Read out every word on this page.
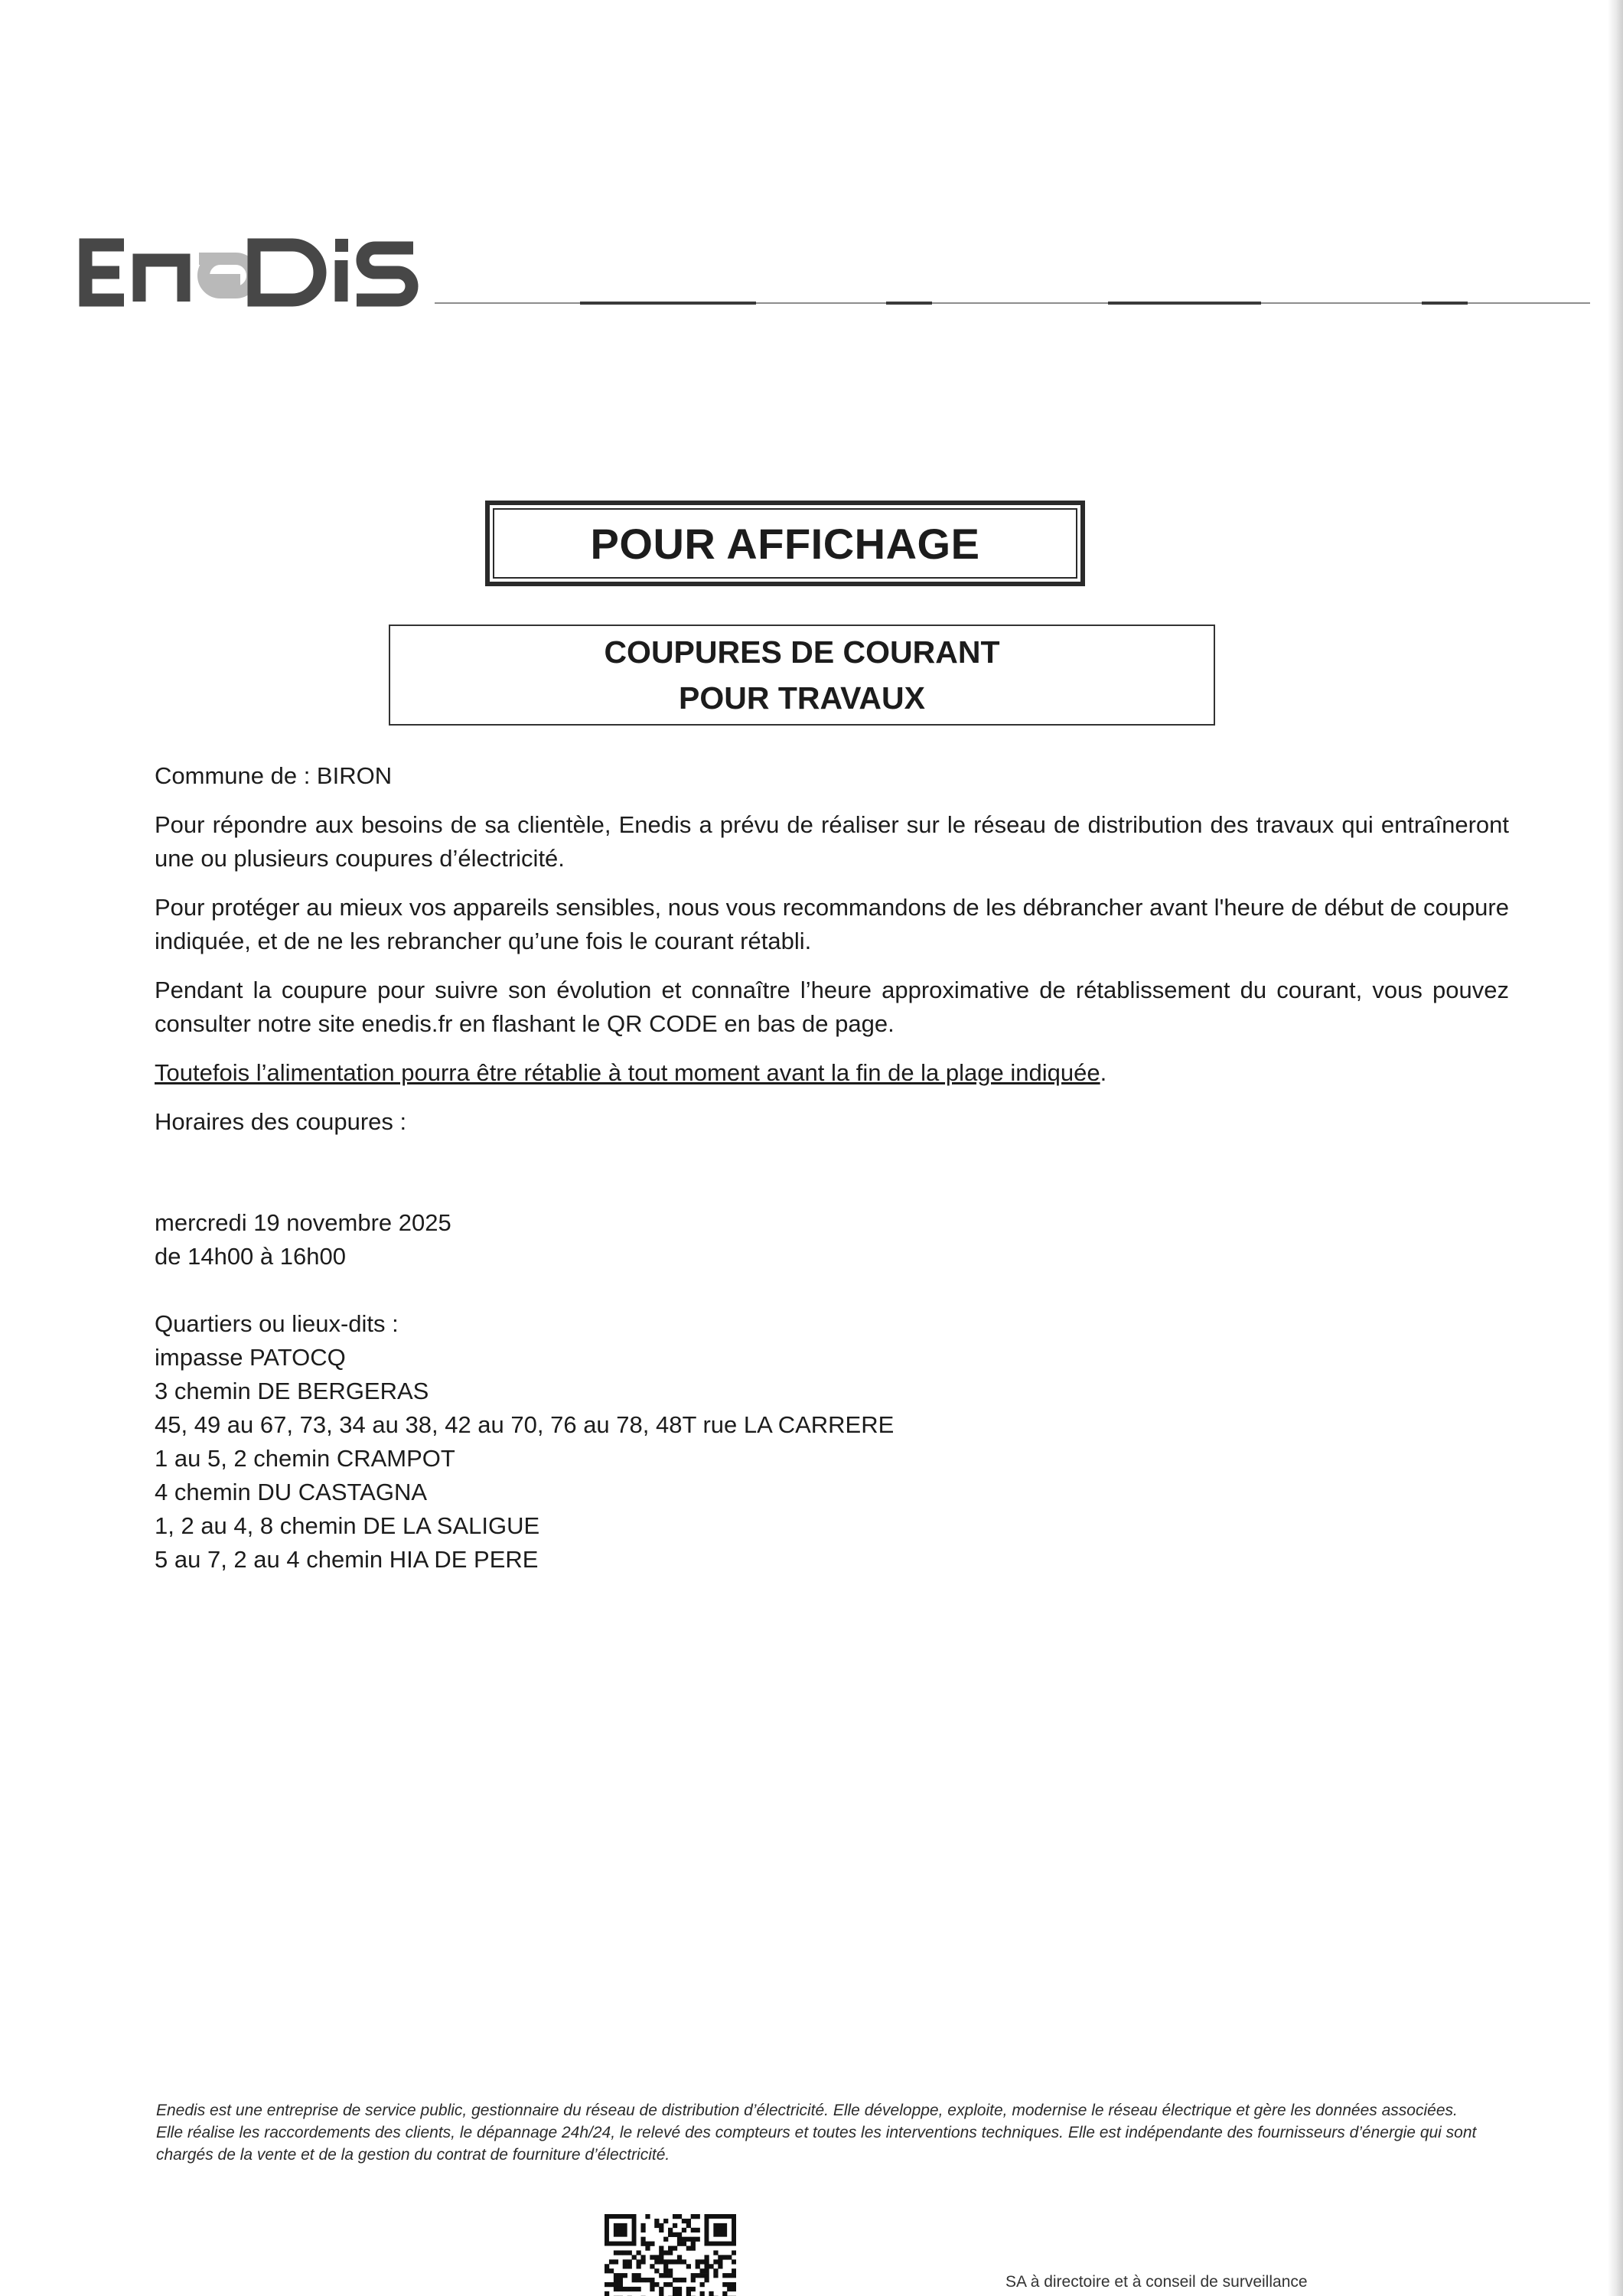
POUR AFFICHAGE
COUPURES DE COURANT
POUR TRAVAUX

Commune de : BIRON

Pour répondre aux besoins de sa clientèle, Enedis a prévu de réaliser sur le réseau de distribution des travaux qui entraîneront une ou plusieurs coupures d’électricité.

Pour protéger au mieux vos appareils sensibles, nous vous recommandons de les débrancher avant l'heure de début de coupure indiquée, et de ne les rebrancher qu’une fois le courant rétabli.

Pendant la coupure pour suivre son évolution et connaître l’heure approximative de rétablissement du courant, vous pouvez consulter notre site enedis.fr en flashant le QR CODE en bas de page.

Toutefois l’alimentation pourra être rétablie à tout moment avant la fin de la plage indiquée.

Horaires des coupures :

mercredi 19 novembre 2025

de 14h00 à 16h00

Quartiers ou lieux-dits :

impasse PATOCQ

3 chemin DE BERGERAS

45, 49 au 67, 73, 34 au 38, 42 au 70, 76 au 78, 48T rue LA CARRERE

1 au 5, 2 chemin CRAMPOT

4 chemin DU CASTAGNA

1, 2 au 4, 8 chemin DE LA SALIGUE

5 au 7, 2 au 4 chemin HIA DE PERE

Enedis est une entreprise de service public, gestionnaire du réseau de distribution d’électricité. Elle développe, exploite, modernise le réseau électrique et gère les données associées. Elle réalise les raccordements des clients, le dépannage 24h/24, le relevé des compteurs et toutes les interventions techniques. Elle est indépendante des fournisseurs d’énergie qui sont chargés de la vente et de la gestion du contrat de fourniture d’électricité.
SA à directoire et à conseil de surveillance
